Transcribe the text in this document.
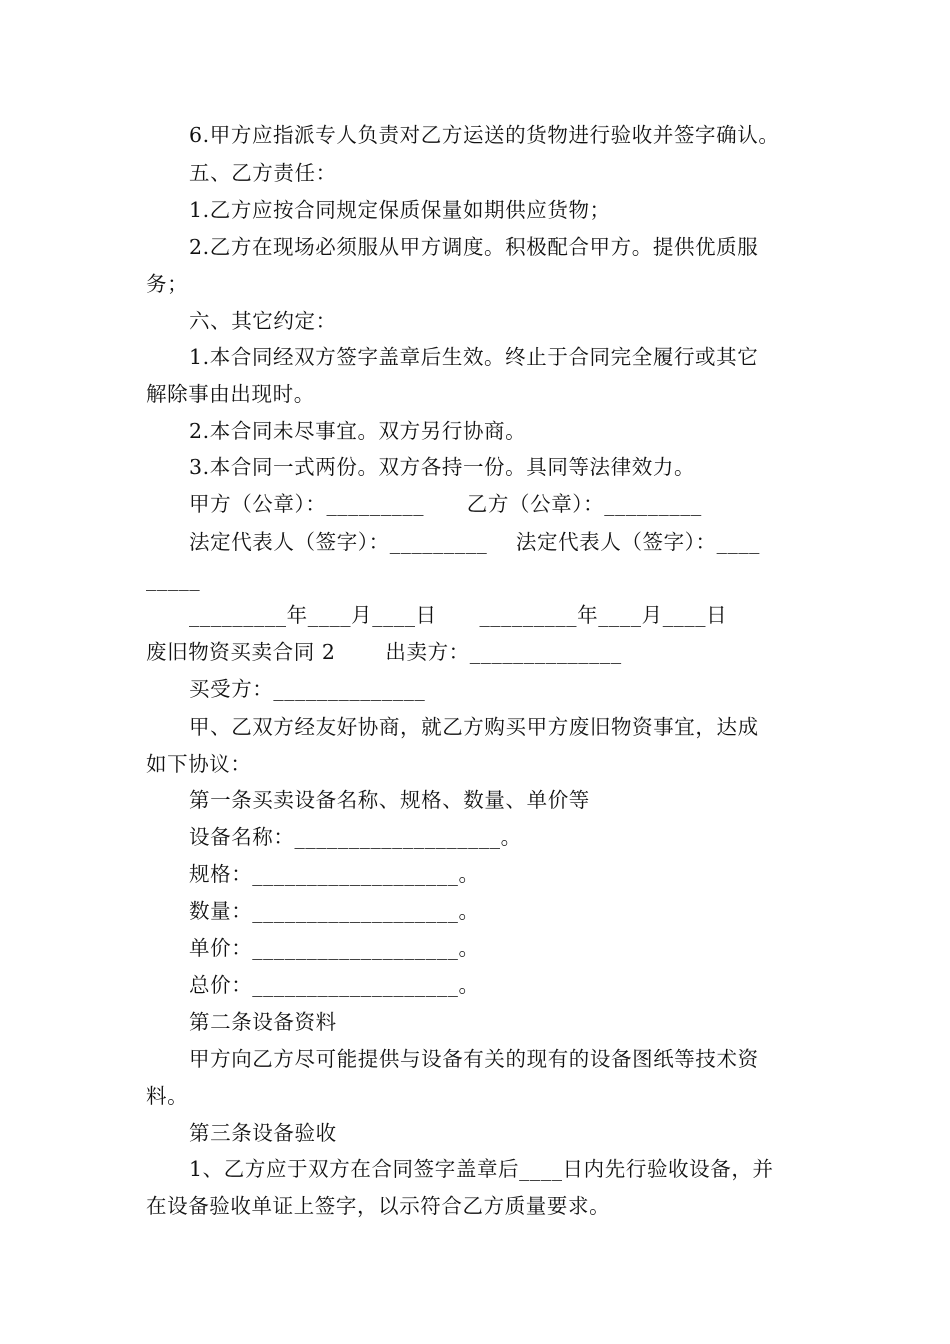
6.甲方应指派专人负责对乙方运送的货物进行验收并签字确认。
五、乙方责任：
1.乙方应按合同规定保质保量如期供应货物；
2.乙方在现场必须服从甲方调度。积极配合甲方。提供优质服
务；
六、其它约定：
1.本合同经双方签字盖章后生效。终止于合同完全履行或其它
解除事由出现时。
2.本合同未尽事宜。双方另行协商。
3.本合同一式两份。双方各持一份。具同等法律效力。
甲方（公章）：_________      乙方（公章）：_________
法定代表人（签字）：_________    法定代表人（签字）：____
_____
_________年____月____日      _________年____月____日
废旧物资买卖合同 2       出卖方：______________
买受方：______________
甲、乙双方经友好协商，就乙方购买甲方废旧物资事宜，达成
如下协议：
第一条买卖设备名称、规格、数量、单价等
设备名称：___________________。
规格：___________________。
数量：___________________。
单价：___________________。
总价：___________________。
第二条设备资料
甲方向乙方尽可能提供与设备有关的现有的设备图纸等技术资
料。
第三条设备验收
1、乙方应于双方在合同签字盖章后____日内先行验收设备，并
在设备验收单证上签字，以示符合乙方质量要求。
